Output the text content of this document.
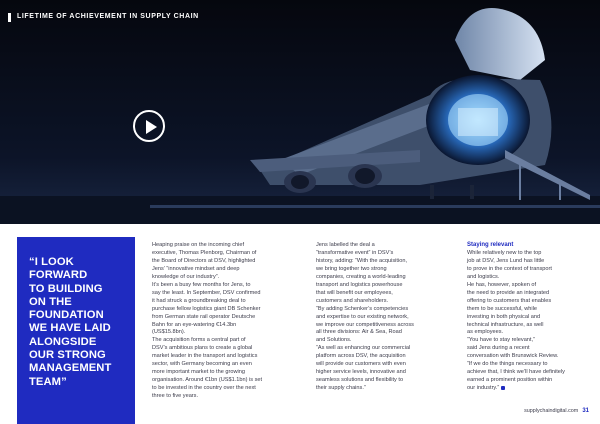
LIFETIME OF ACHIEVEMENT IN SUPPLY CHAIN
“I LOOK
FORWARD
TO BUILDING
ON THE
FOUNDATION
WE HAVE LAID
ALONGSIDE
OUR STRONG
MANAGEMENT
TEAM”

Heaping praise on the incoming chief
executive, Thomas Plenborg, Chairman of
the Board of Directors at DSV, highlighted
Jens’ “innovative mindset and deep
knowledge of our industry”.

It’s been a busy few months for Jens, to
say the least. In September, DSV confirmed
it had struck a groundbreaking deal to
purchase fellow logistics giant DB Schenker
from German state rail operator Deutsche
Bahn for an eye-watering €14.3bn (US$15.8bn).

The acquisition forms a central part of
DSV’s ambitious plans to create a global
market leader in the transport and logistics
sector, with Germany becoming an even
more important market to the growing
organisation. Around €1bn (US$1.1bn) is set
to be invested in the country over the next
three to five years.

Jens labelled the deal a
“transformative event” in DSV’s
history, adding: “With the acquisition,
we bring together two strong
companies, creating a world-leading
transport and logistics powerhouse
that will benefit our employees,
customers and shareholders.

“By adding Schenker’s competencies
and expertise to our existing network,
we improve our competitiveness across
all three divisions: Air & Sea, Road
and Solutions.

“As well as enhancing our commercial
platform across DSV, the acquisition
will provide our customers with even
higher service levels, innovative and
seamless solutions and flexibility to
their supply chains.”

Staying relevant

While relatively new to the top
job at DSV, Jens Lund has little
to prove in the context of transport
and logistics.

He has, however, spoken of
the need to provide an integrated
offering to customers that enables
them to be successful, while
investing in both physical and
technical infrastructure, as well
as employees.

“You have to stay relevant,”
said Jens during a recent
conversation with Brunswick Review.
“If we do the things necessary to
achieve that, I think we’ll have definitely
earned a prominent position within
our industry.”

supplychaindigital.com 31
